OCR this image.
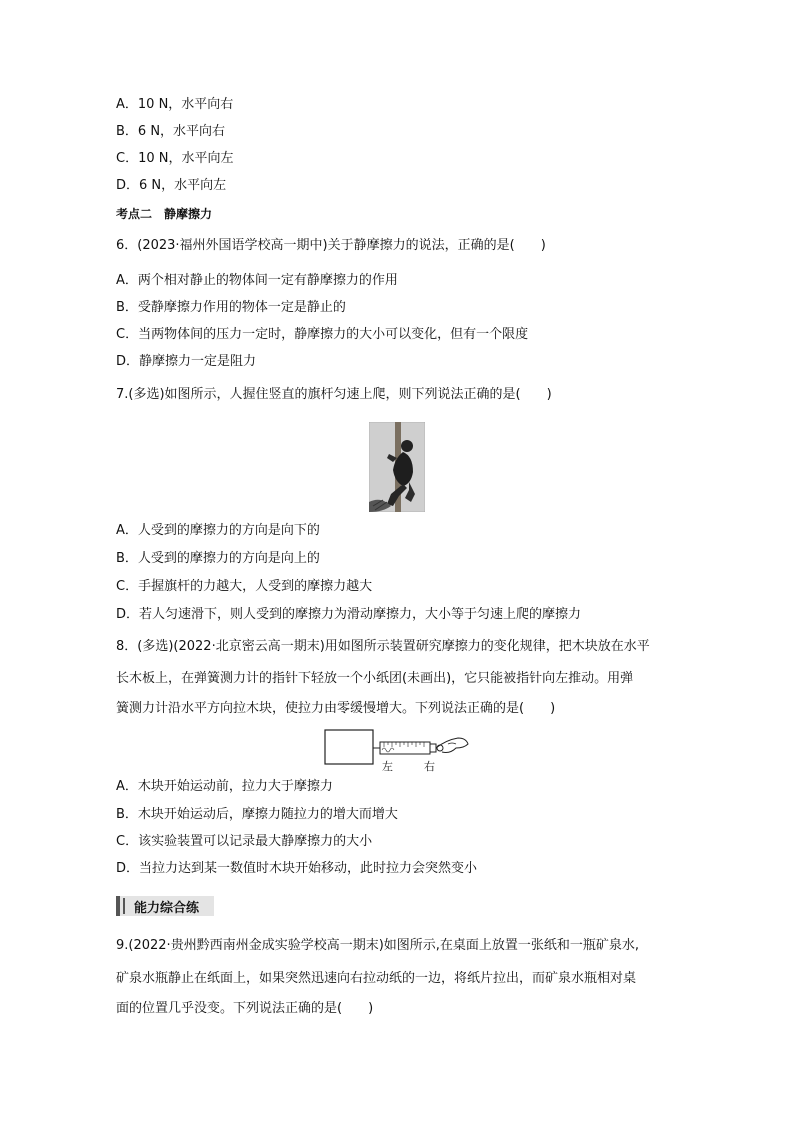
A．10 N，水平向右
B．6 N，水平向右
C．10 N，水平向左
D．6 N，水平向左
考点二　静摩擦力
6．(2023·福州外国语学校高一期中)关于静摩擦力的说法，正确的是(　　)
A．两个相对静止的物体间一定有静摩擦力的作用
B．受静摩擦力作用的物体一定是静止的
C．当两物体间的压力一定时，静摩擦力的大小可以变化，但有一个限度
D．静摩擦力一定是阻力
7.(多选)如图所示，人握住竖直的旗杆匀速上爬，则下列说法正确的是(　　)
A．人受到的摩擦力的方向是向下的
B．人受到的摩擦力的方向是向上的
C．手握旗杆的力越大，人受到的摩擦力越大
D．若人匀速滑下，则人受到的摩擦力为滑动摩擦力，大小等于匀速上爬的摩擦力
8．(多选)(2022·北京密云高一期末)用如图所示装置研究摩擦力的变化规律，把木块放在水平
长木板上，在弹簧测力计的指针下轻放一个小纸团(未画出)，它只能被指针向左推动。用弹
簧测力计沿水平方向拉木块，使拉力由零缓慢增大。下列说法正确的是(　　)
左	右
A．木块开始运动前，拉力大于摩擦力
B．木块开始运动后，摩擦力随拉力的增大而增大
C．该实验装置可以记录最大静摩擦力的大小
D．当拉力达到某一数值时木块开始移动，此时拉力会突然变小
能力综合练
9.(2022·贵州黔西南州金成实验学校高一期末)如图所示,在桌面上放置一张纸和一瓶矿泉水,
矿泉水瓶静止在纸面上，如果突然迅速向右拉动纸的一边，将纸片拉出，而矿泉水瓶相对桌
面的位置几乎没变。下列说法正确的是(　　)
